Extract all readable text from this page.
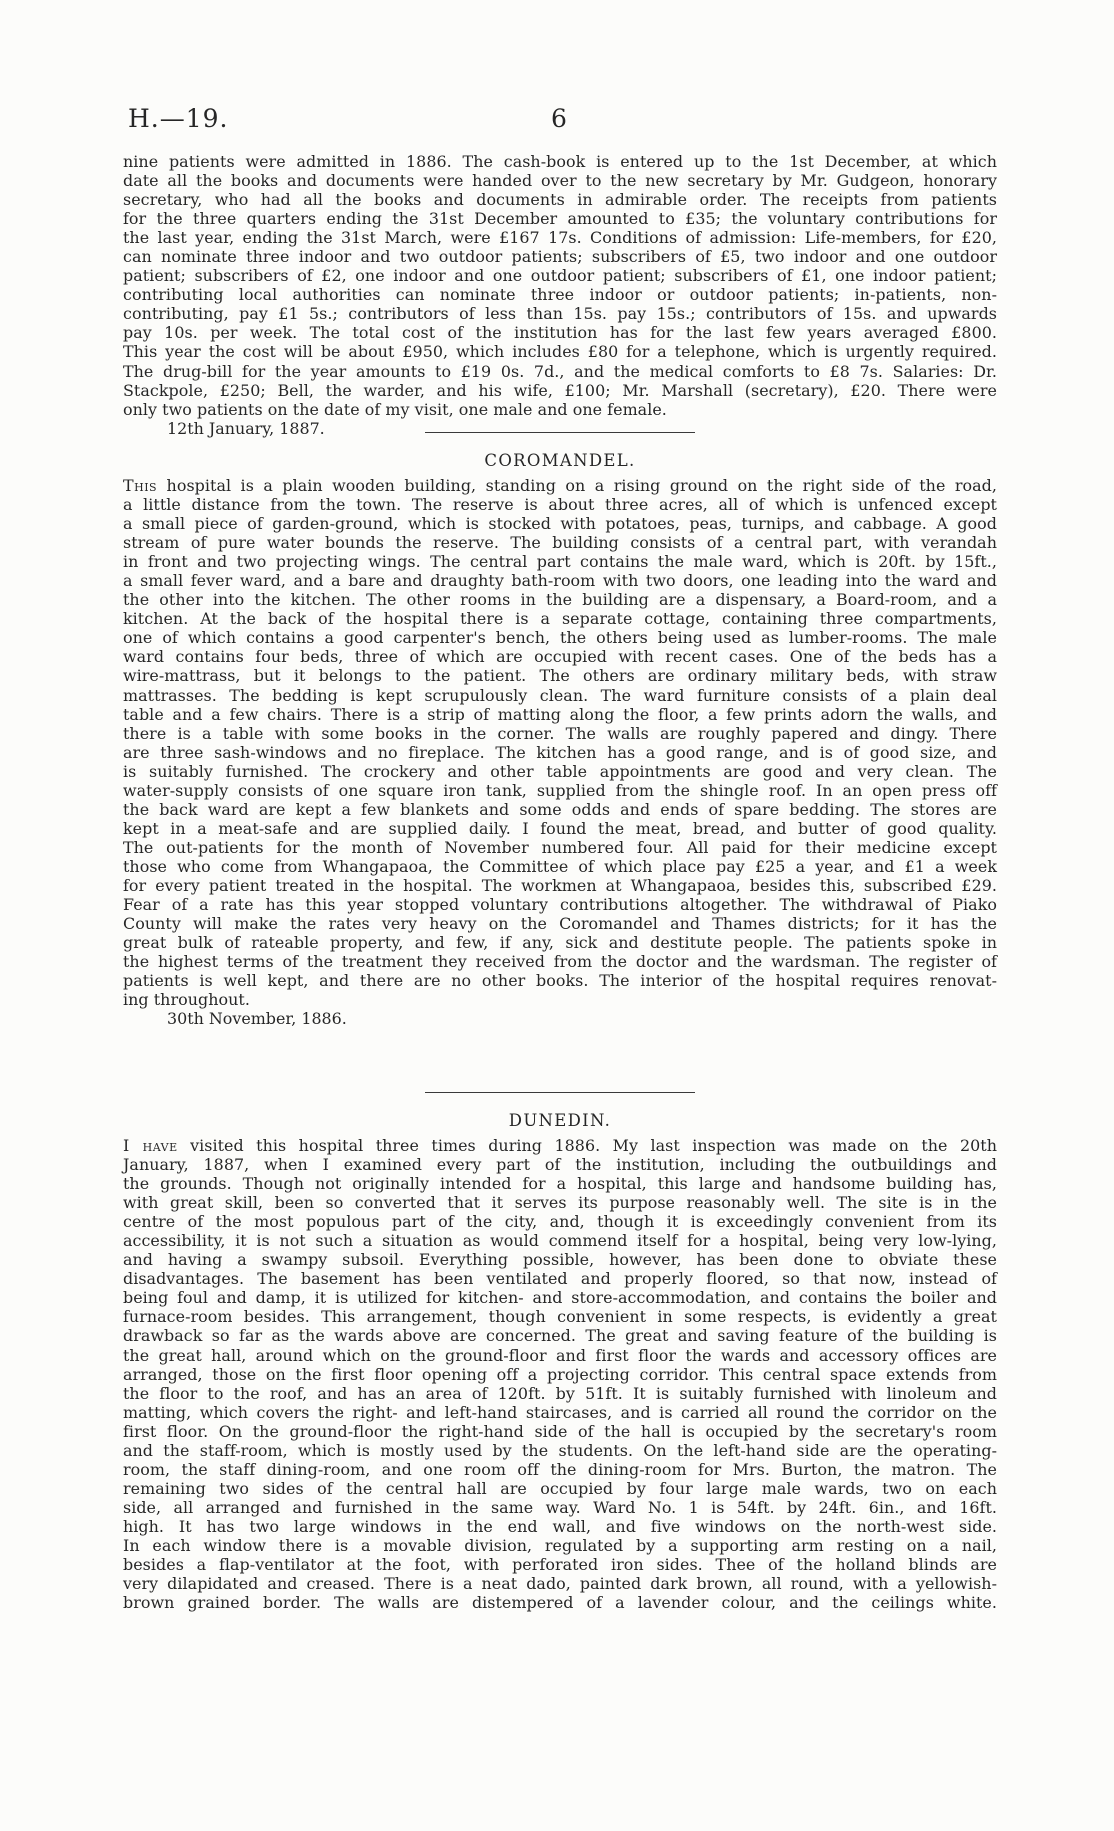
H.—19.	6

nine patients were admitted in 1886. The cash-book is entered up to the 1st December, at which

date all the books and documents were handed over to the new secretary by Mr. Gudgeon, honorary

secretary, who had all the books and documents in admirable order. The receipts from patients

for the three quarters ending the 31st December amounted to £35; the voluntary contributions for

the last year, ending the 31st March, were £167 17s. Conditions of admission: Life-members, for £20,

can nominate three indoor and two outdoor patients; subscribers of £5, two indoor and one outdoor

patient; subscribers of £2, one indoor and one outdoor patient; subscribers of £1, one indoor patient;

contributing local authorities can nominate three indoor or outdoor patients; in-patients, non-

contributing, pay £1 5s.; contributors of less than 15s. pay 15s.; contributors of 15s. and upwards

pay 10s. per week. The total cost of the institution has for the last few years averaged £800.

This year the cost will be about £950, which includes £80 for a telephone, which is urgently required.

The drug-bill for the year amounts to £19 0s. 7d., and the medical comforts to £8 7s. Salaries: Dr.

Stackpole, £250; Bell, the warder, and his wife, £100; Mr. Marshall (secretary), £20. There were

only two patients on the date of my visit, one male and one female.

12th January, 1887.
COROMANDEL.

This hospital is a plain wooden building, standing on a rising ground on the right side of the road,

a little distance from the town. The reserve is about three acres, all of which is unfenced except

a small piece of garden-ground, which is stocked with potatoes, peas, turnips, and cabbage. A good

stream of pure water bounds the reserve. The building consists of a central part, with verandah

in front and two projecting wings. The central part contains the male ward, which is 20ft. by 15ft.,

a small fever ward, and a bare and draughty bath-room with two doors, one leading into the ward and

the other into the kitchen. The other rooms in the building are a dispensary, a Board-room, and a

kitchen. At the back of the hospital there is a separate cottage, containing three compartments,

one of which contains a good carpenter's bench, the others being used as lumber-rooms. The male

ward contains four beds, three of which are occupied with recent cases. One of the beds has a

wire-mattrass, but it belongs to the patient. The others are ordinary military beds, with straw

mattrasses. The bedding is kept scrupulously clean. The ward furniture consists of a plain deal

table and a few chairs. There is a strip of matting along the floor, a few prints adorn the walls, and

there is a table with some books in the corner. The walls are roughly papered and dingy. There

are three sash-windows and no fireplace. The kitchen has a good range, and is of good size, and

is suitably furnished. The crockery and other table appointments are good and very clean. The

water-supply consists of one square iron tank, supplied from the shingle roof. In an open press off

the back ward are kept a few blankets and some odds and ends of spare bedding. The stores are

kept in a meat-safe and are supplied daily. I found the meat, bread, and butter of good quality.

The out-patients for the month of November numbered four. All paid for their medicine except

those who come from Whangapaoa, the Committee of which place pay £25 a year, and £1 a week

for every patient treated in the hospital. The workmen at Whangapaoa, besides this, subscribed £29.

Fear of a rate has this year stopped voluntary contributions altogether. The withdrawal of Piako

County will make the rates very heavy on the Coromandel and Thames districts; for it has the

great bulk of rateable property, and few, if any, sick and destitute people. The patients spoke in

the highest terms of the treatment they received from the doctor and the wardsman. The register of

patients is well kept, and there are no other books. The interior of the hospital requires renovat-

ing throughout.

30th November, 1886.
DUNEDIN.

I have visited this hospital three times during 1886. My last inspection was made on the 20th

January, 1887, when I examined every part of the institution, including the outbuildings and

the grounds. Though not originally intended for a hospital, this large and handsome building has,

with great skill, been so converted that it serves its purpose reasonably well. The site is in the

centre of the most populous part of the city, and, though it is exceedingly convenient from its

accessibility, it is not such a situation as would commend itself for a hospital, being very low-lying,

and having a swampy subsoil. Everything possible, however, has been done to obviate these

disadvantages. The basement has been ventilated and properly floored, so that now, instead of

being foul and damp, it is utilized for kitchen- and store-accommodation, and contains the boiler and

furnace-room besides. This arrangement, though convenient in some respects, is evidently a great

drawback so far as the wards above are concerned. The great and saving feature of the building is

the great hall, around which on the ground-floor and first floor the wards and accessory offices are

arranged, those on the first floor opening off a projecting corridor. This central space extends from

the floor to the roof, and has an area of 120ft. by 51ft. It is suitably furnished with linoleum and

matting, which covers the right- and left-hand staircases, and is carried all round the corridor on the

first floor. On the ground-floor the right-hand side of the hall is occupied by the secretary's room

and the staff-room, which is mostly used by the students. On the left-hand side are the operating-

room, the staff dining-room, and one room off the dining-room for Mrs. Burton, the matron. The

remaining two sides of the central hall are occupied by four large male wards, two on each

side, all arranged and furnished in the same way. Ward No. 1 is 54ft. by 24ft. 6in., and 16ft.

high. It has two large windows in the end wall, and five windows on the north-west side.

In each window there is a movable division, regulated by a supporting arm resting on a nail,

besides a flap-ventilator at the foot, with perforated iron sides. Thee of the holland blinds are

very dilapidated and creased. There is a neat dado, painted dark brown, all round, with a yellowish-

brown grained border. The walls are distempered of a lavender colour, and the ceilings white.
